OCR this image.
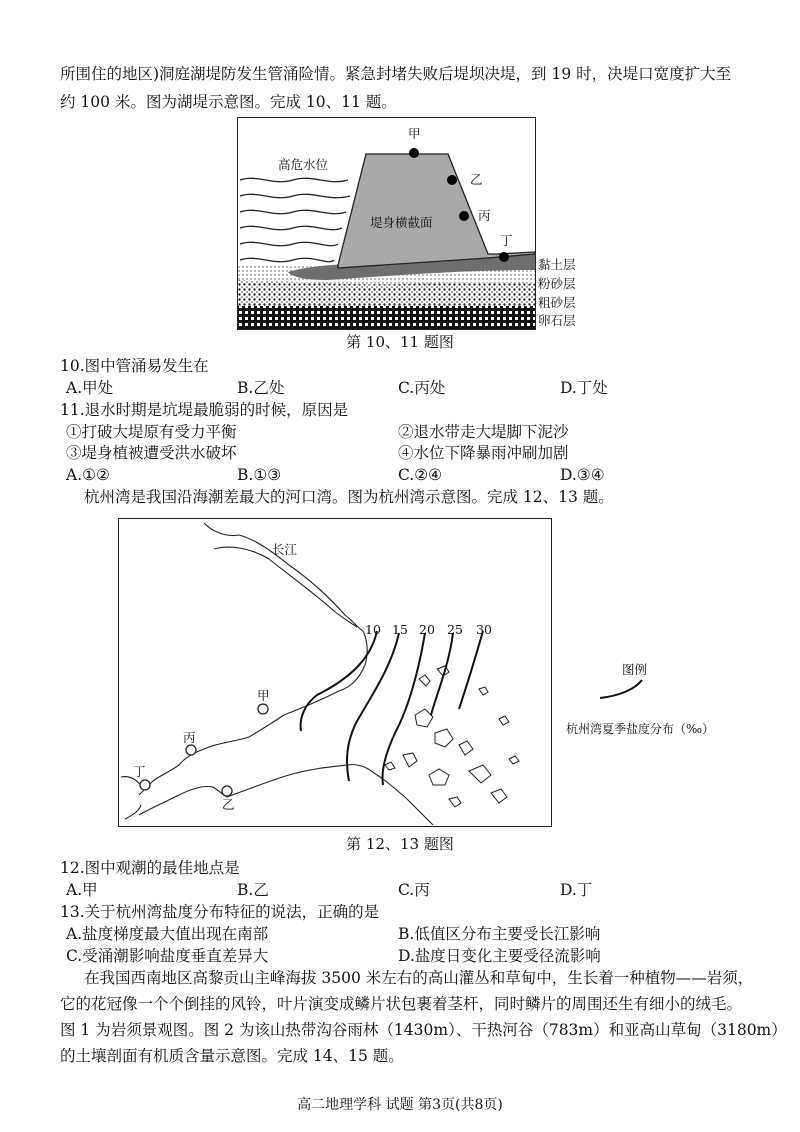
所围住的地区)洞庭湖堤防发生管涌险情。紧急封堵失败后堤坝决堤，到 19 时，决堤口宽度扩大至
约 100 米。图为湖堤示意图。完成 10、11 题。
高危水位
堤身横截面
甲
乙
丙
丁
黏土层
粉砂层
粗砂层
卵石层
第 10、11 题图
10.图中管涌易发生在
A.甲处	B.乙处	C.丙处	D.丁处
11.退水时期是坑堤最脆弱的时候，原因是
①打破大堤原有受力平衡	②退水带走大堤脚下泥沙
③堤身植被遭受洪水破坏	④水位下降暴雨冲刷加剧
A.①②	B.①③	C.②④	D.③④
杭州湾是我国沿海潮差最大的河口湾。图为杭州湾示意图。完成 12、13 题。
长江
10 15 20 25 30
甲
丙
丁
乙
图例
杭州湾夏季盐度分布（‰）
第 12、13 题图
12.图中观潮的最佳地点是
A.甲	B.乙	C.丙	D.丁
13.关于杭州湾盐度分布特征的说法，正确的是
A.盐度梯度最大值出现在南部	B.低值区分布主要受长江影响
C.受涌潮影响盐度垂直差异大	D.盐度日变化主要受径流影响
在我国西南地区高黎贡山主峰海拔 3500 米左右的高山灌丛和草甸中，生长着一种植物——岩须，
它的花冠像一个个倒挂的风铃，叶片演变成鳞片状包裹着茎杆，同时鳞片的周围还生有细小的绒毛。
图 1 为岩须景观图。图 2 为该山热带沟谷雨林（1430m）、干热河谷（783m）和亚高山草甸（3180m）
的土壤剖面有机质含量示意图。完成 14、15 题。
高二地理学科 试题 第3页(共8页)
